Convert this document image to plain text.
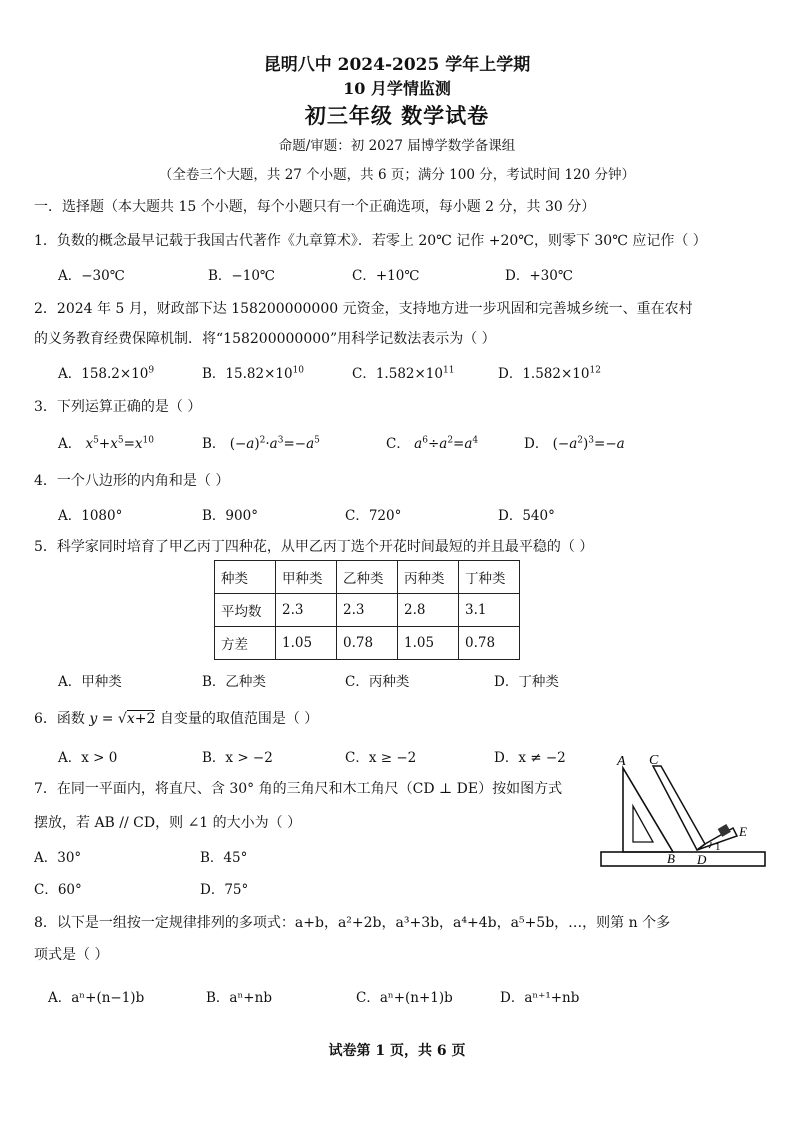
昆明八中 2024-2025 学年上学期
10 月学情监测
初三年级 数学试卷
命题/审题：初 2027 届博学数学备课组
（全卷三个大题，共 27 个小题，共 6 页；满分 100 分，考试时间 120 分钟）
一．选择题（本大题共 15 个小题，每个小题只有一个正确选项，每小题 2 分，共 30 分）
1．负数的概念最早记载于我国古代著作《九章算术》．若零上 20℃ 记作 +20℃，则零下 30℃ 应记作（ ）
A．−30℃	B．−10℃	C．+10℃	D．+30℃
2．2024 年 5 月，财政部下达 158200000000 元资金，支持地方进一步巩固和完善城乡统一、重在农村
的义务教育经费保障机制．将“158200000000”用科学记数法表示为（ ）
A．$158.2\times 10^9$	B．$15.82\times 10^{10}$	C．$1.582\times 10^{11}$	D．$1.582\times 10^{12}$
3．下列运算正确的是（ ）
A． $x^5+x^5=x^{10}$	B． $(-a)^2\cdot a^3=-a^5$	C． $a^6\div a^2=a^4$	D． $(-a^2)^3=-a$
4．一个八边形的内角和是（ ）
A．1080°	B．900°	C．720°	D．540°
5．科学家同时培育了甲乙丙丁四种花，从甲乙丙丁选个开花时间最短的并且最平稳的（ ）
种类	甲种类	乙种类	丙种类	丁种类
平均数	2.3	2.3	2.8	3.1
方差	1.05	0.78	1.05	0.78
A．甲种类	B．乙种类	C．丙种类	D．丁种类
6．函数 y = √x+2 自变量的取值范围是（ ）
A．x > 0	B．x > −2	C．x ≥ −2	D．x ≠ −2
7．在同一平面内，将直尺、含 30° 角的三角尺和木工角尺（CD ⊥ DE）按如图方式
摆放，若 AB // CD，则 ∠1 的大小为（ ）
A．30°	B．45°
C．60°	D．75°
A C
B D
E
1
8．以下是一组按一定规律排列的多项式：a+b，a²+2b，a³+3b，a⁴+4b，a⁵+5b，…，则第 n 个多
项式是（ ）
A．aⁿ+(n−1)b	B．aⁿ+nb	C．aⁿ+(n+1)b	D．aⁿ⁺¹+nb
试卷第 1 页，共 6 页
